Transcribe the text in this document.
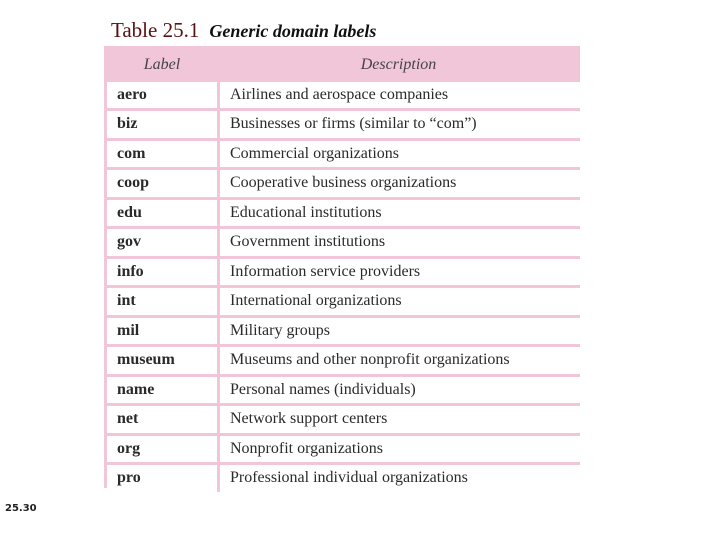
Table 25.1 Generic domain labels
Label	Description
aero	Airlines and aerospace companies
biz	Businesses or firms (similar to “com”)
com	Commercial organizations
coop	Cooperative business organizations
edu	Educational institutions
gov	Government institutions
info	Information service providers
int	International organizations
mil	Military groups
museum	Museums and other nonprofit organizations
name	Personal names (individuals)
net	Network support centers
org	Nonprofit organizations
pro	Professional individual organizations
25.30
